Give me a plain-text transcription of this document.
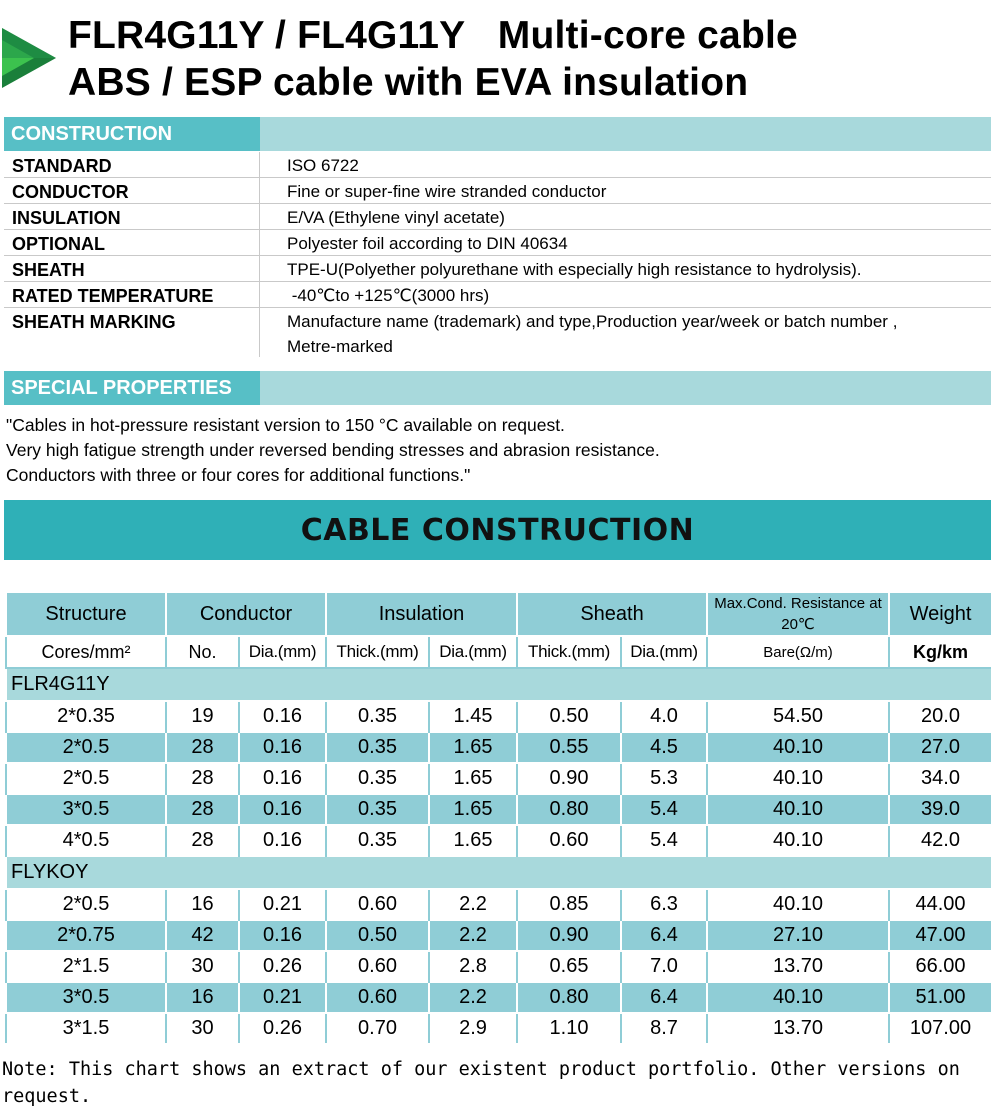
FLR4G11Y / FL4G11Y   Multi-core cable
ABS / ESP cable with EVA insulation
CONSTRUCTION
STANDARD	ISO 6722
CONDUCTOR	Fine or super-fine wire stranded conductor
INSULATION	E/VA (Ethylene vinyl acetate)
OPTIONAL	Polyester foil according to DIN 40634
SHEATH	TPE-U(Polyether polyurethane with especially high resistance to hydrolysis).
RATED TEMPERATURE	-40℃to +125℃(3000 hrs)
SHEATH MARKING	Manufacture name (trademark) and type,Production year/week or batch number ,
Metre-marked
SPECIAL PROPERTIES
"Cables in hot-pressure resistant version to 150 °C available on request.
Very high fatigue strength under reversed bending stresses and abrasion resistance.
Conductors with three or four cores for additional functions."
CABLE CONSTRUCTION
Structure	Conductor		Insulation		Sheath		Max.Cond. Resistance at 20℃	Weight
Cores/mm²	No.	Dia.(mm)	Thick.(mm)	Dia.(mm)	Thick.(mm)	Dia.(mm)	Bare(Ω/m)	Kg/km
FLR4G11Y								
2*0.35	19	0.16	0.35	1.45	0.50	4.0	54.50	20.0
2*0.5	28	0.16	0.35	1.65	0.55	4.5	40.10	27.0
2*0.5	28	0.16	0.35	1.65	0.90	5.3	40.10	34.0
3*0.5	28	0.16	0.35	1.65	0.80	5.4	40.10	39.0
4*0.5	28	0.16	0.35	1.65	0.60	5.4	40.10	42.0
FLYKOY								
2*0.5	16	0.21	0.60	2.2	0.85	6.3	40.10	44.00
2*0.75	42	0.16	0.50	2.2	0.90	6.4	27.10	47.00
2*1.5	30	0.26	0.60	2.8	0.65	7.0	13.70	66.00
3*0.5	16	0.21	0.60	2.2	0.80	6.4	40.10	51.00
3*1.5	30	0.26	0.70	2.9	1.10	8.7	13.70	107.00
Note: This chart shows an extract of our existent product portfolio. Other versions on request.
